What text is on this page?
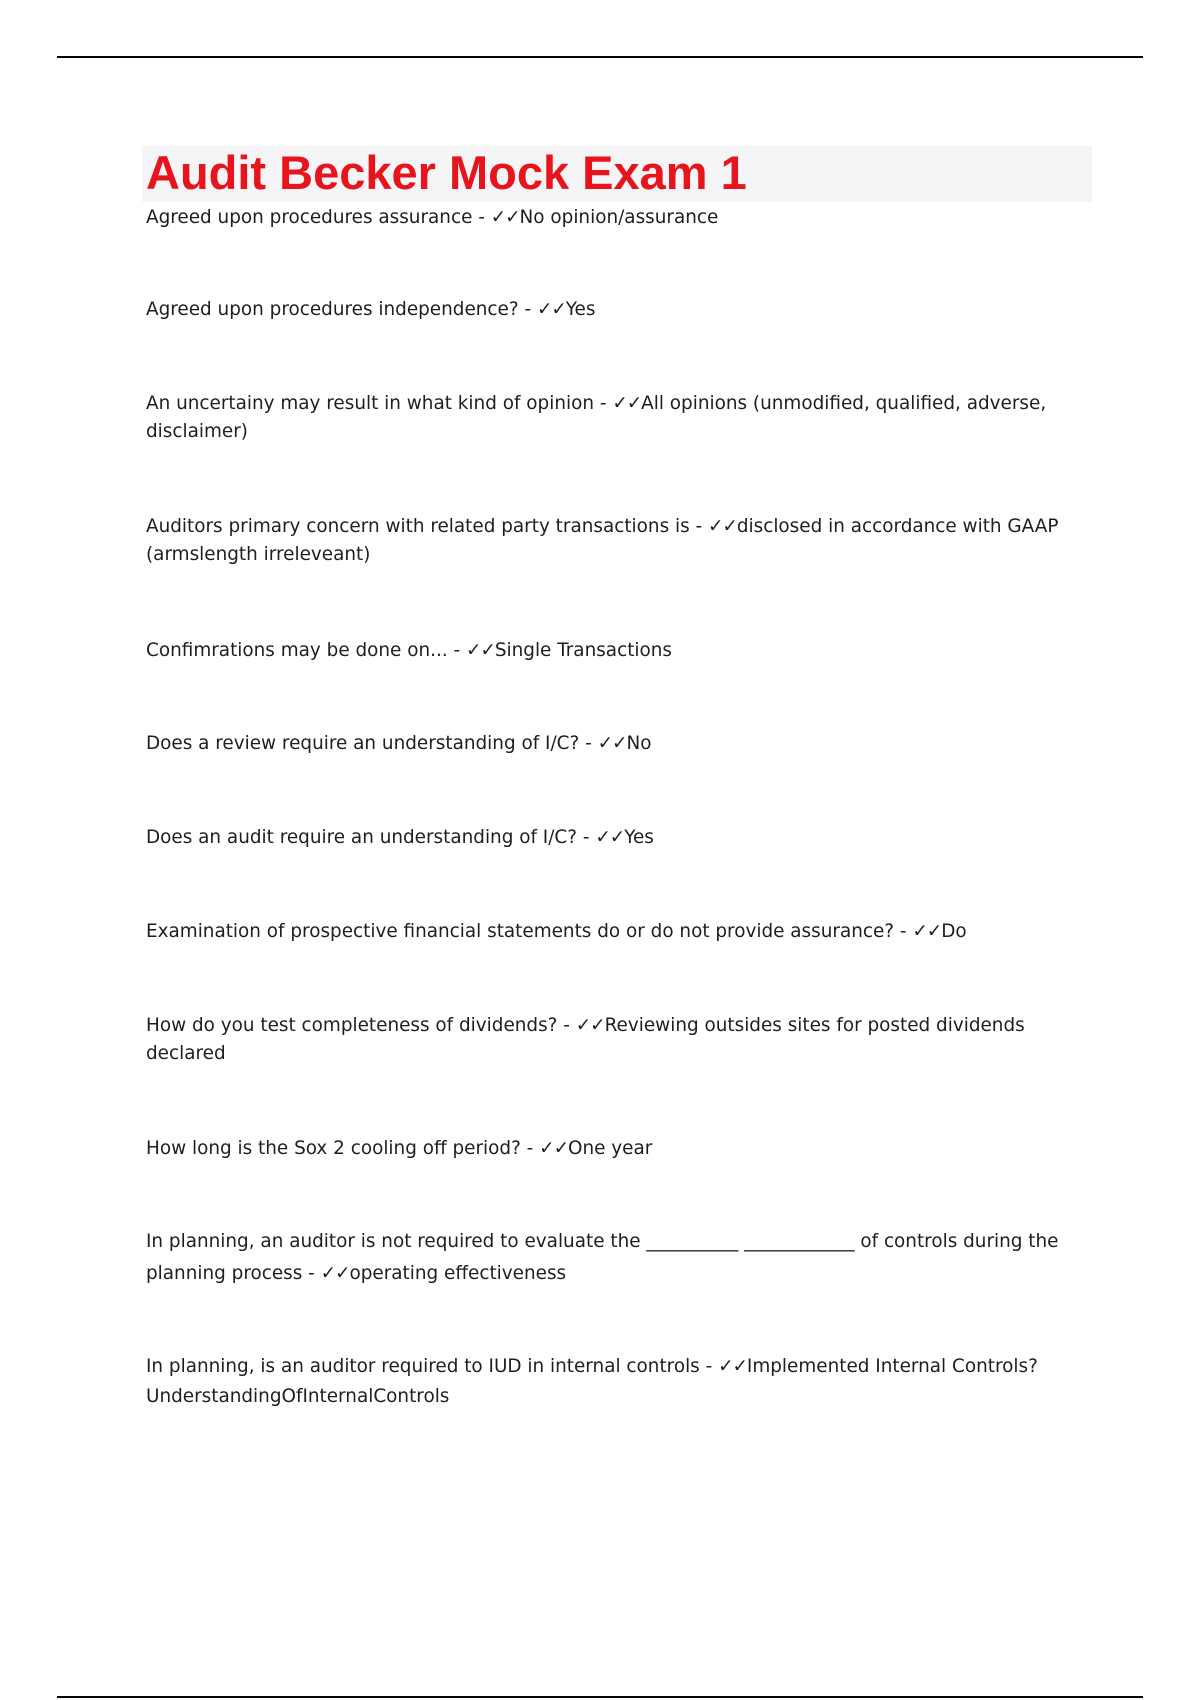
Audit Becker Mock Exam 1

Agreed upon procedures assurance - ✓✓No opinion/assurance

Agreed upon procedures independence? - ✓✓Yes

An uncertainy may result in what kind of opinion - ✓✓All opinions (unmodified, qualified, adverse, disclaimer)

Auditors primary concern with related party transactions is - ✓✓disclosed in accordance with GAAP (armslength irreleveant)

Confimrations may be done on... - ✓✓Single Transactions

Does a review require an understanding of I/C? - ✓✓No

Does an audit require an understanding of I/C? - ✓✓Yes

Examination of prospective financial statements do or do not provide assurance? - ✓✓Do

How do you test completeness of dividends? - ✓✓Reviewing outsides sites for posted dividends declared

How long is the Sox 2 cooling off period? - ✓✓One year

In planning, an auditor is not required to evaluate the __________ ____________ of controls during the planning process - ✓✓operating effectiveness

In planning, is an auditor required to IUD in internal controls - ✓✓Implemented Internal Controls? UnderstandingOfInternalControls
